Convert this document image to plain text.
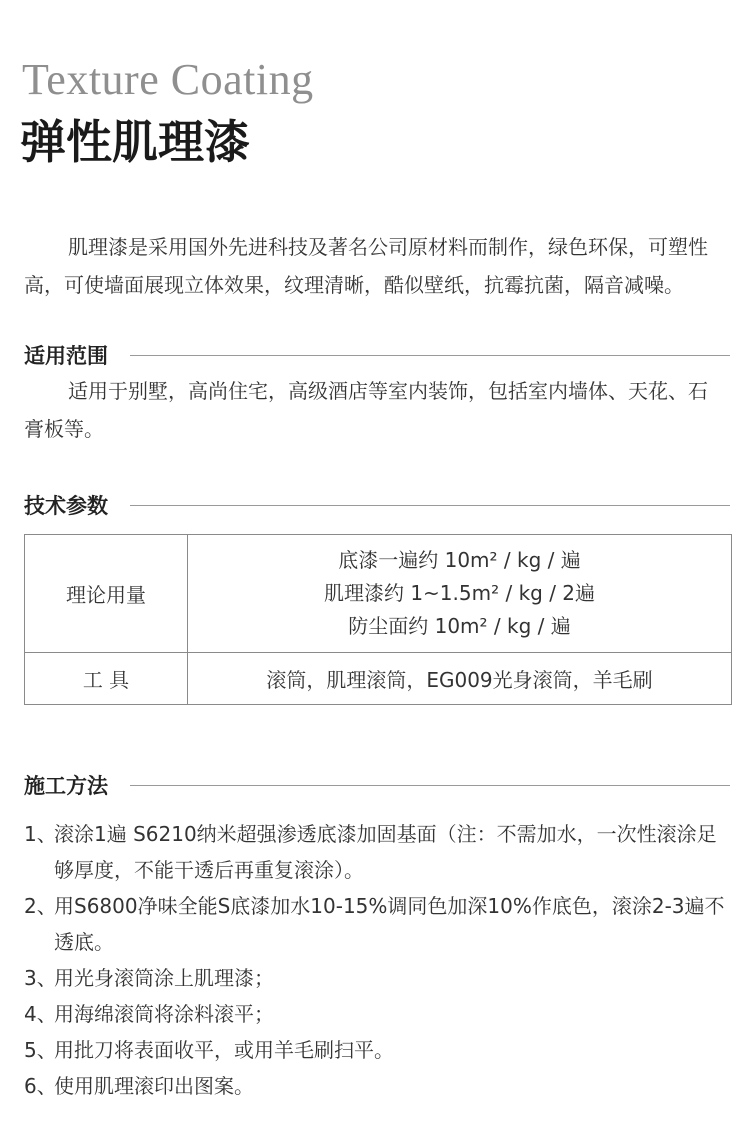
Texture Coating
弹性肌理漆

肌理漆是采用国外先进科技及著名公司原材料而制作，绿色环保，可塑性高，可使墙面展现立体效果，纹理清晰，酷似壁纸，抗霉抗菌，隔音减噪。

适用范围

适用于别墅，高尚住宅，高级酒店等室内装饰，包括室内墙体、天花、石膏板等。

技术参数
理论用量	底漆一遍约 10m² / kg / 遍
肌理漆约 1~1.5m² / kg / 2遍
防尘面约 10m² / kg / 遍

工 具	滚筒，肌理滚筒，EG009光身滚筒，羊毛刷
施工方法
1、
滚涂1遍 S6210纳米超强渗透底漆加固基面（注：不需加水，一次性滚涂足够厚度，不能干透后再重复滚涂）。
2、
用S6800净味全能S底漆加水10-15%调同色加深10%作底色，滚涂2-3遍不透底。
3、
用光身滚筒涂上肌理漆；
4、
用海绵滚筒将涂料滚平；
5、
用批刀将表面收平，或用羊毛刷扫平。
6、
使用肌理滚印出图案。
